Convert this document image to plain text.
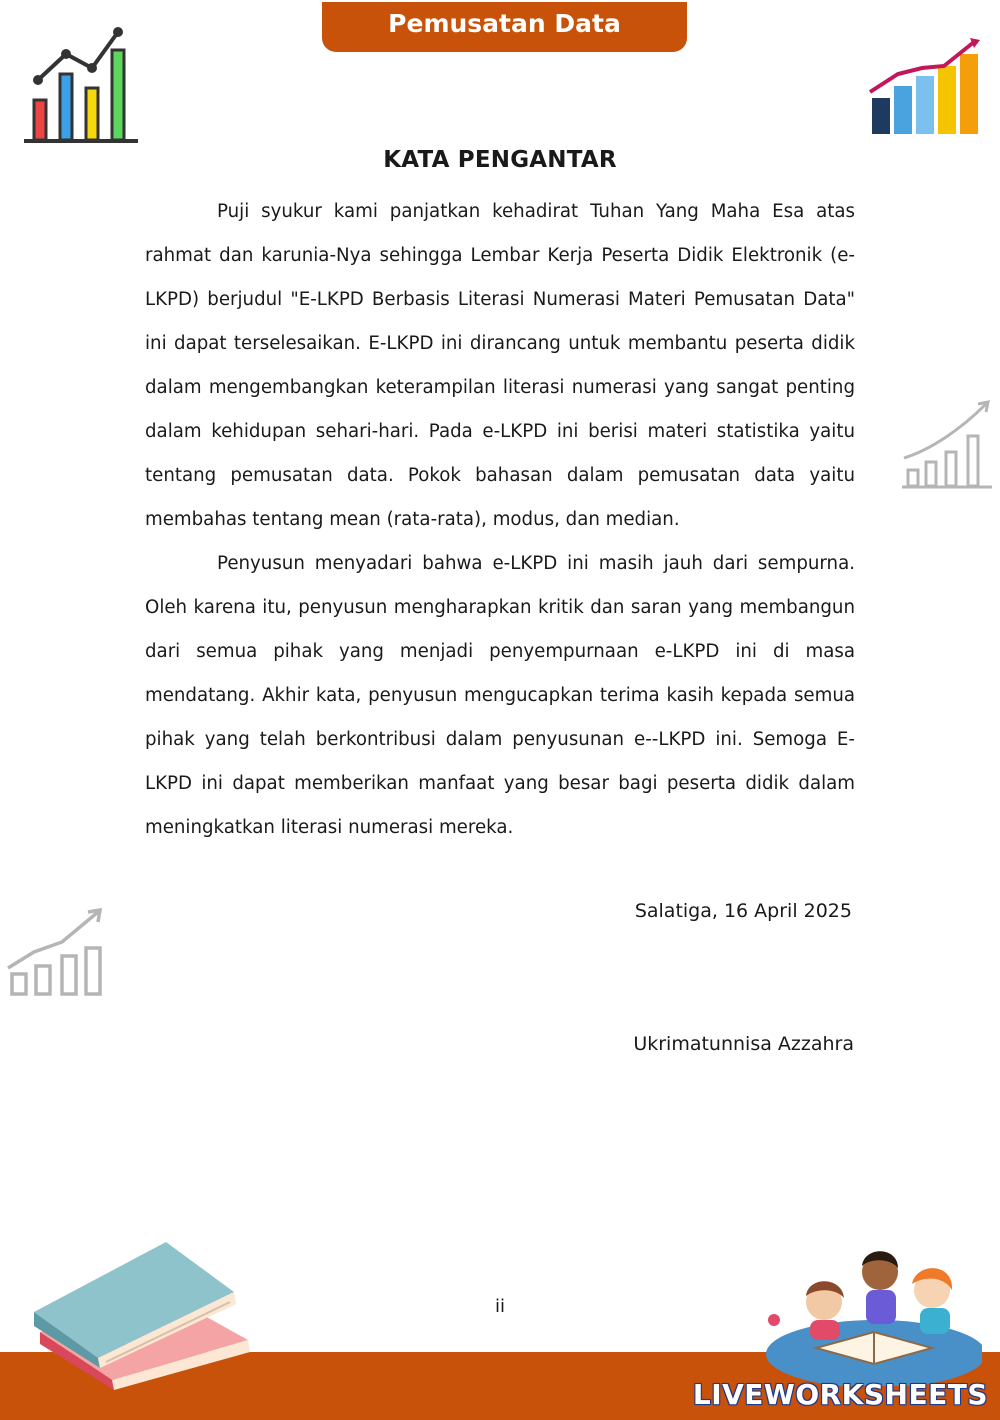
Pemusatan Data
KATA PENGANTAR

Puji syukur kami panjatkan kehadirat Tuhan Yang Maha Esa atas rahmat dan karunia-Nya sehingga Lembar Kerja Peserta Didik Elektronik (e-LKPD) berjudul "E-LKPD Berbasis Literasi Numerasi Materi Pemusatan Data" ini dapat terselesaikan. E-LKPD ini dirancang untuk membantu peserta didik dalam mengembangkan keterampilan literasi numerasi yang sangat penting dalam kehidupan sehari-hari. Pada e-LKPD ini berisi materi statistika yaitu tentang pemusatan data. Pokok bahasan dalam pemusatan data yaitu membahas tentang mean (rata-rata), modus, dan median.

Penyusun menyadari bahwa e-LKPD ini masih jauh dari sempurna. Oleh karena itu, penyusun mengharapkan kritik dan saran yang membangun dari semua pihak yang menjadi penyempurnaan e-LKPD ini di masa mendatang. Akhir kata, penyusun mengucapkan terima kasih kepada semua pihak yang telah berkontribusi dalam penyusunan e--LKPD ini. Semoga E-LKPD ini dapat memberikan manfaat yang besar bagi peserta didik dalam meningkatkan literasi numerasi mereka.

Salatiga, 16 April 2025
Ukrimatunnisa Azzahra
ii
LIVEWORKSHEETS
